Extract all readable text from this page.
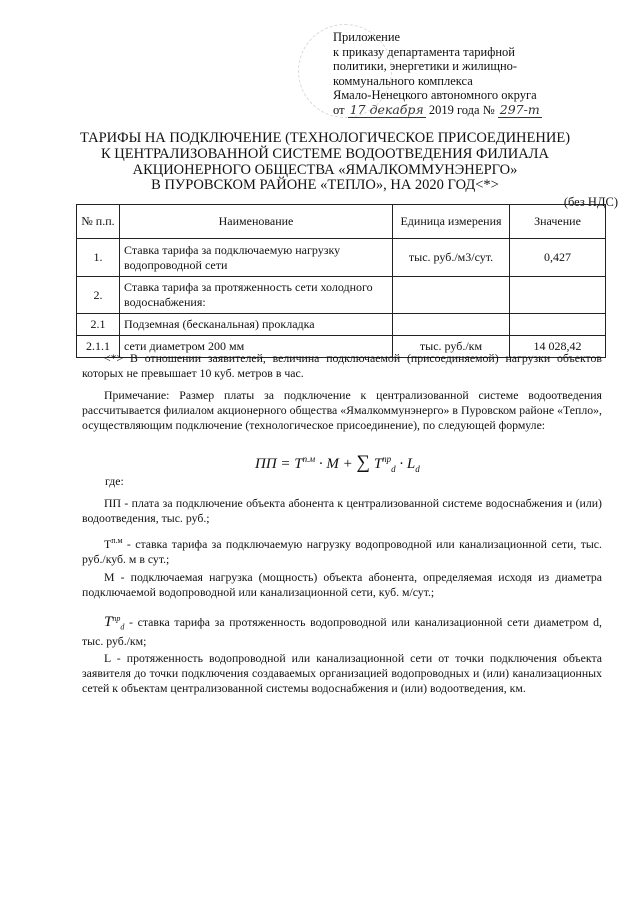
Приложение
к приказу департамента тарифной
политики, энергетики и жилищно-
коммунального комплекса
Ямало-Ненецкого автономного округа
от 17 декабря 2019 года № 297-т
ТАРИФЫ НА ПОДКЛЮЧЕНИЕ (ТЕХНОЛОГИЧЕСКОЕ ПРИСОЕДИНЕНИЕ)
К ЦЕНТРАЛИЗОВАННОЙ СИСТЕМЕ ВОДООТВЕДЕНИЯ ФИЛИАЛА
АКЦИОНЕРНОГО ОБЩЕСТВА «ЯМАЛКОММУНЭНЕРГО»
В ПУРОВСКОМ РАЙОНЕ «ТЕПЛО», НА 2020 ГОД<*>
(без НДС)
№ п.п.	Наименование	Единица измерения	Значение
1.	Ставка тарифа за подключаемую нагрузку водопроводной сети	тыс. руб./м3/сут.	0,427
2.	Ставка тарифа за протяженность сети холодного водоснабжения:		
2.1	Подземная (бесканальная) прокладка		
2.1.1	сети диаметром 200 мм	тыс. руб./км	14 028,42
<*> В отношении заявителей, величина подключаемой (присоединяемой) нагрузки объектов которых не превышает 10 куб. метров в час.
Примечание: Размер платы за подключение к централизованной системе водоотведения рассчитывается филиалом акционерного общества «Ямалкоммунэнерго» в Пуровском районе «Тепло», осуществляющим подключение (технологическое присоединение), по следующей формуле:
ПП = $T^{п.м} \cdot M$ + ∑ $T^{пр}_d \cdot L_d$
где:
ПП - плата за подключение объекта абонента к централизованной системе водоснабжения и (или) водоотведения, тыс. руб.;
$Т^{п.м}$ - ставка тарифа за подключаемую нагрузку водопроводной или канализационной сети, тыс. руб./куб. м в сут.;
М - подключаемая нагрузка (мощность) объекта абонента, определяемая исходя из диаметра подключаемой водопроводной или канализационной сети, куб. м/сут.;
$T^{пр}_d$ - ставка тарифа за протяженность водопроводной или канализационной сети диаметром d, тыс. руб./км;
L - протяженность водопроводной или канализационной сети от точки подключения объекта заявителя до точки подключения создаваемых организацией водопроводных и (или) канализационных сетей к объектам централизованной системы водоснабжения и (или) водоотведения, км.
